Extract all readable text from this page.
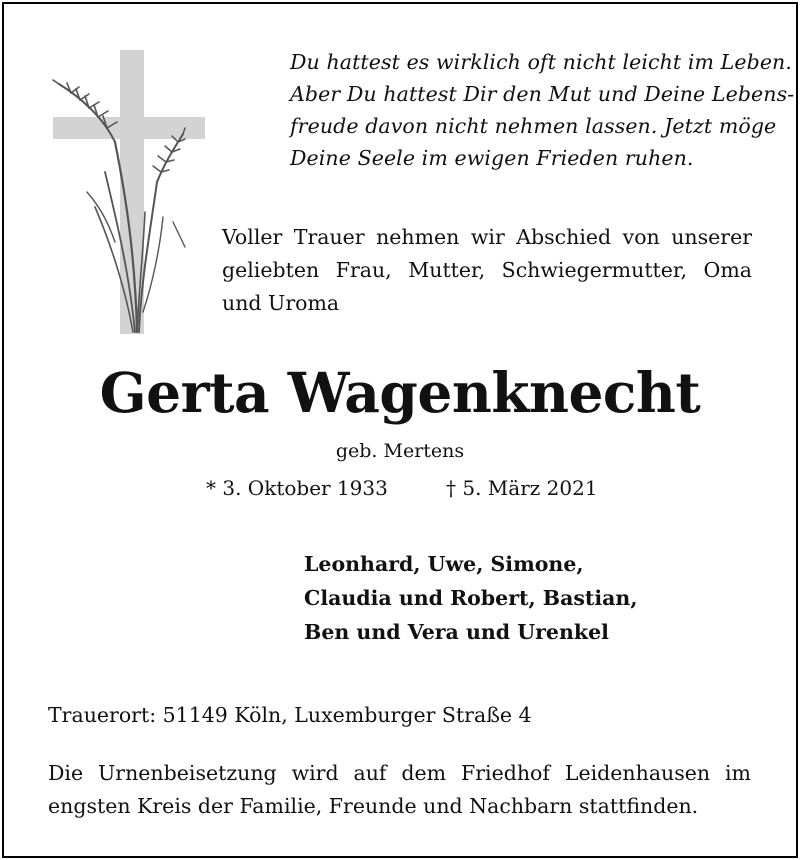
Du hattest es wirklich oft nicht leicht im Leben.
Aber Du hattest Dir den Mut und Deine Lebens-
freude davon nicht nehmen lassen. Jetzt möge
Deine Seele im ewigen Frieden ruhen.
Voller Trauer nehmen wir Abschied von unserer
geliebten Frau, Mutter, Schwiegermutter, Oma
und Uroma
Gerta Wagenknecht
geb. Mertens
* 3. Oktober 1933	† 5. März 2021
Leonhard, Uwe, Simone,
Claudia und Robert, Bastian,
Ben und Vera und Urenkel
Trauerort: 51149 Köln, Luxemburger Straße 4
Die Urnenbeisetzung wird auf dem Friedhof Leidenhausen im
engsten Kreis der Familie, Freunde und Nachbarn stattfinden.
